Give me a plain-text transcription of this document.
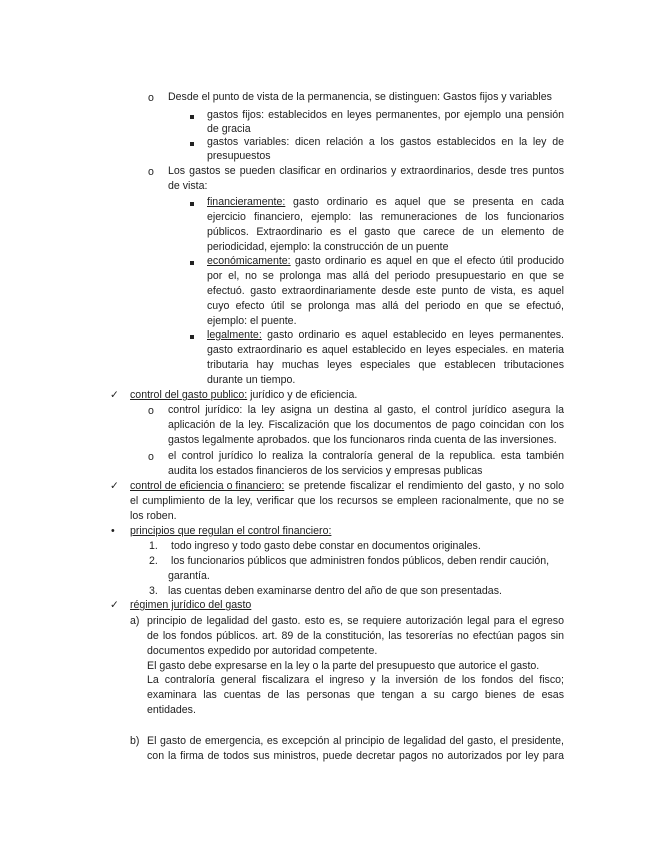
o Desde el punto de vista de la permanencia, se distinguen: Gastos fijos y variables
gastos fijos: establecidos en leyes permanentes, por ejemplo una pensión
de gracia
gastos variables: dicen relación a los gastos establecidos en la ley de
presupuestos
o Los gastos se pueden clasificar en ordinarios y extraordinarios, desde tres puntos
de vista:
financieramente: gasto ordinario es aquel que se presenta en cada
ejercicio financiero, ejemplo: las remuneraciones de los funcionarios
públicos. Extraordinario es el gasto que carece de un elemento de
periodicidad, ejemplo: la construcción de un puente
económicamente: gasto ordinario es aquel en que el efecto útil producido
por el, no se prolonga mas allá del periodo presupuestario en que se
efectuó. gasto extraordinariamente desde este punto de vista, es aquel
cuyo efecto útil se prolonga mas allá del periodo en que se efectuó,
ejemplo: el puente.
legalmente: gasto ordinario es aquel establecido en leyes permanentes.
gasto extraordinario es aquel establecido en leyes especiales. en materia
tributaria hay muchas leyes especiales que establecen tributaciones
durante un tiempo.
✓ control del gasto publico: jurídico y de eficiencia.
o control jurídico: la ley asigna un destina al gasto, el control jurídico asegura la
aplicación de la ley. Fiscalización que los documentos de pago coincidan con los
gastos legalmente aprobados. que los funcionaros rinda cuenta de las inversiones.
o el control jurídico lo realiza la contraloría general de la republica. esta también
audita los estados financieros de los servicios y empresas publicas
✓ control de eficiencia o financiero: se pretende fiscalizar el rendimiento del gasto, y no solo
el cumplimiento de la ley, verificar que los recursos se empleen racionalmente, que no se
los roben.
• principios que regulan el control financiero:
1. todo ingreso y todo gasto debe constar en documentos originales.
2. los funcionarios públicos que administren fondos públicos, deben rendir caución,
garantía.
3. las cuentas deben examinarse dentro del año de que son presentadas.
✓ régimen jurídico del gasto
a) principio de legalidad del gasto. esto es, se requiere autorización legal para el egreso
de los fondos públicos. art. 89 de la constitución, las tesorerías no efectúan pagos sin
documentos expedido por autoridad competente.
El gasto debe expresarse en la ley o la parte del presupuesto que autorice el gasto.
La contraloría general fiscalizara el ingreso y la inversión de los fondos del fisco;
examinara las cuentas de las personas que tengan a su cargo bienes de esas
entidades.
b) El gasto de emergencia, es excepción al principio de legalidad del gasto, el presidente,
con la firma de todos sus ministros, puede decretar pagos no autorizados por ley para
